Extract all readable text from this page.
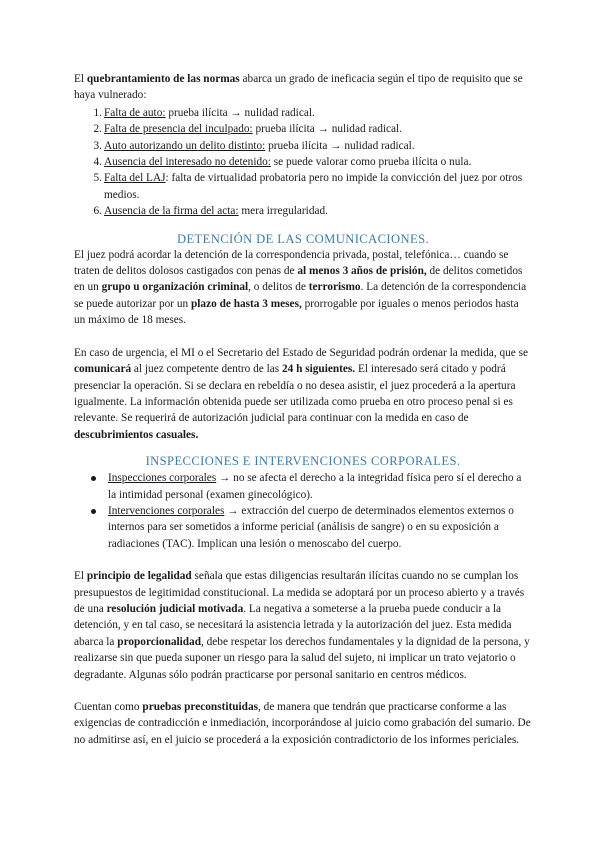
El quebrantamiento de las normas abarca un grado de ineficacia según el tipo de requisito que se haya vulnerado:

1 . Falta de auto: prueba ilícita → nulidad radical.
2 . Falta de presencia del inculpado: prueba ilícita → nulidad radical.
3 . Auto autorizando un delito distinto: prueba ilícita → nulidad radical.
4 . Ausencia del interesado no detenido: se puede valorar como prueba ilícita o nula.
5 . Falta del LAJ: falta de virtualidad probatoria pero no impide la convicción del juez por otros medios.
6 . Ausencia de la firma del acta: mera irregularidad.
DETENCIÓN DE LAS COMUNICACIONES.

El juez podrá acordar la detención de la correspondencia privada, postal, telefónica… cuando se traten de delitos dolosos castigados con penas de al menos 3 años de prisión, de delitos cometidos en un grupo u organización criminal, o delitos de terrorismo. La detención de la correspondencia se puede autorizar por un plazo de hasta 3 meses, prorrogable por iguales o menos periodos hasta un máximo de 18 meses.

En caso de urgencia, el MI o el Secretario del Estado de Seguridad podrán ordenar la medida, que se comunicará al juez competente dentro de las 24 h siguientes. El interesado será citado y podrá presenciar la operación. Si se declara en rebeldía o no desea asistir, el juez procederá a la apertura igualmente. La información obtenida puede ser utilizada como prueba en otro proceso penal si es relevante. Se requerirá de autorización judicial para continuar con la medida en caso de descubrimientos casuales.

INSPECCIONES E INTERVENCIONES CORPORALES.
Inspecciones corporales → no se afecta el derecho a la integridad física pero sí el derecho a la intimidad personal (examen ginecológico).
Intervenciones corporales → extracción del cuerpo de determinados elementos externos o internos para ser sometidos a informe pericial (análisis de sangre) o en su exposición a radiaciones (TAC). Implican una lesión o menoscabo del cuerpo.

El principio de legalidad señala que estas diligencias resultarán ilícitas cuando no se cumplan los presupuestos de legitimidad constitucional. La medida se adoptará por un proceso abierto y a través de una resolución judicial motivada. La negativa a someterse a la prueba puede conducir a la detención, y en tal caso, se necesitará la asistencia letrada y la autorización del juez. Esta medida abarca la proporcionalidad, debe respetar los derechos fundamentales y la dignidad de la persona, y realizarse sin que pueda suponer un riesgo para la salud del sujeto, ni implicar un trato vejatorio o degradante. Algunas sólo podrán practicarse por personal sanitario en centros médicos.

Cuentan como pruebas preconstituidas, de manera que tendrán que practicarse conforme a las exigencias de contradicción e inmediación, incorporándose al juicio como grabación del sumario. De no admitirse así, en el juicio se procederá a la exposición contradictorio de los informes periciales.
